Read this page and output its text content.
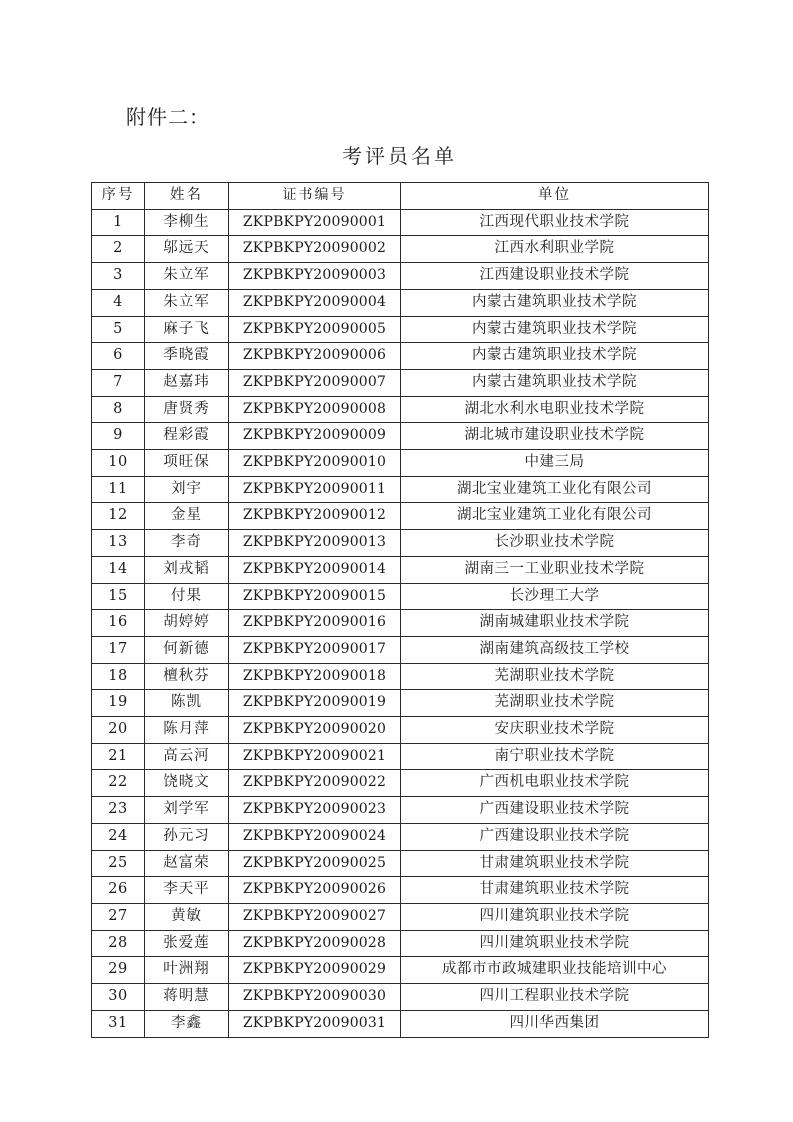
附件二：
考评员名单
序号	姓名	证书编号	单位
1	李柳生	ZKPBKPY20090001	江西现代职业技术学院
2	邬远天	ZKPBKPY20090002	江西水利职业学院
3	朱立军	ZKPBKPY20090003	江西建设职业技术学院
4	朱立军	ZKPBKPY20090004	内蒙古建筑职业技术学院
5	麻子飞	ZKPBKPY20090005	内蒙古建筑职业技术学院
6	季晓霞	ZKPBKPY20090006	内蒙古建筑职业技术学院
7	赵嘉玮	ZKPBKPY20090007	内蒙古建筑职业技术学院
8	唐贤秀	ZKPBKPY20090008	湖北水利水电职业技术学院
9	程彩霞	ZKPBKPY20090009	湖北城市建设职业技术学院
10	项旺保	ZKPBKPY20090010	中建三局
11	刘宇	ZKPBKPY20090011	湖北宝业建筑工业化有限公司
12	金星	ZKPBKPY20090012	湖北宝业建筑工业化有限公司
13	李奇	ZKPBKPY20090013	长沙职业技术学院
14	刘戎韬	ZKPBKPY20090014	湖南三一工业职业技术学院
15	付果	ZKPBKPY20090015	长沙理工大学
16	胡婷婷	ZKPBKPY20090016	湖南城建职业技术学院
17	何新德	ZKPBKPY20090017	湖南建筑高级技工学校
18	檀秋芬	ZKPBKPY20090018	芜湖职业技术学院
19	陈凯	ZKPBKPY20090019	芜湖职业技术学院
20	陈月萍	ZKPBKPY20090020	安庆职业技术学院
21	高云河	ZKPBKPY20090021	南宁职业技术学院
22	饶晓文	ZKPBKPY20090022	广西机电职业技术学院
23	刘学军	ZKPBKPY20090023	广西建设职业技术学院
24	孙元习	ZKPBKPY20090024	广西建设职业技术学院
25	赵富荣	ZKPBKPY20090025	甘肃建筑职业技术学院
26	李天平	ZKPBKPY20090026	甘肃建筑职业技术学院
27	黄敏	ZKPBKPY20090027	四川建筑职业技术学院
28	张爱莲	ZKPBKPY20090028	四川建筑职业技术学院
29	叶洲翔	ZKPBKPY20090029	成都市市政城建职业技能培训中心
30	蒋明慧	ZKPBKPY20090030	四川工程职业技术学院
31	李鑫	ZKPBKPY20090031	四川华西集团
